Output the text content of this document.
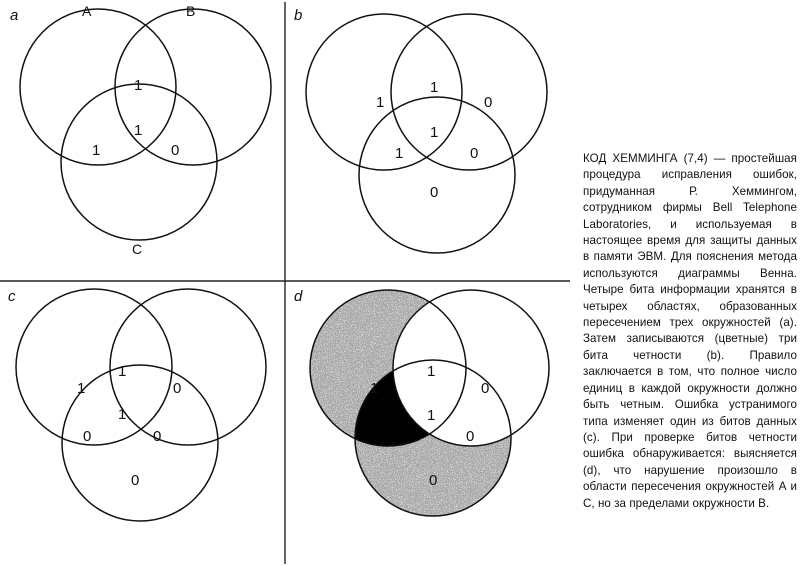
a	A	B
C
1
1
1	0
b
1
1
0
1
1	0
0
c
1
1
0
1
0	0
0
d
1
1
0
1
0
0
КОД ХЕММИНГА (7,4) — простейшая процедура исправления ошибок, придуманная Р. Хеммингом, сотрудником фирмы Bell Telephone Laboratories, и используемая в настоящее время для защиты данных в памяти ЭВМ. Для пояснения метода используются диаграммы Венна. Четыре бита информации хранятся в четырех областях, образованных пересечением трех окружностей (a). Затем записываются (цветные) три бита четности (b). Правило заключается в том, что полное число единиц в каждой окружности должно быть четным. Ошибка устранимого типа изменяет один из битов данных (c). При проверке битов четности ошибка обнаруживается: выясняется (d), что нарушение произошло в области пересечения окружностей A и C, но за пределами окружности B.
